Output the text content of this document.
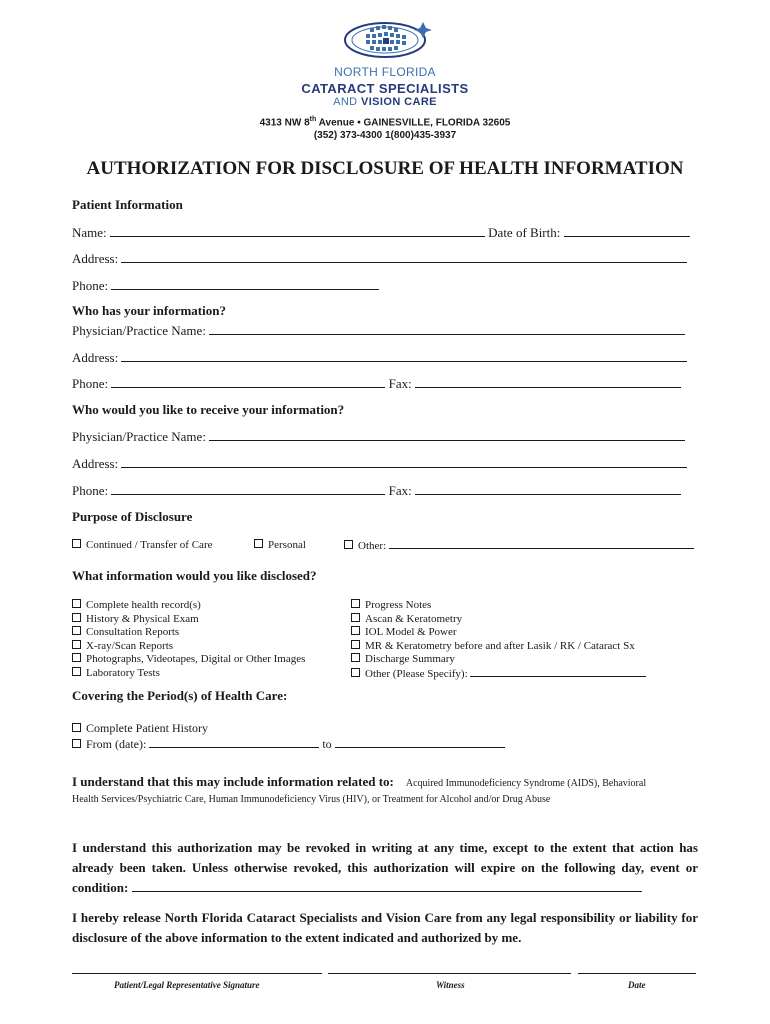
NORTH FLORIDA
CATARACT SPECIALISTS
AND VISION CARE
4313 NW 8th Avenue • GAINESVILLE, FLORIDA 32605
(352) 373-4300 1(800)435-3937
AUTHORIZATION FOR DISCLOSURE OF HEALTH INFORMATION
Patient Information
Name:	Date of Birth:
Address:
Phone:
Who has your information?
Physician/Practice Name:
Address:
Phone:	Fax:
Who would you like to receive your information?
Physician/Practice Name:
Address:
Phone:	Fax:
Purpose of Disclosure
Continued / Transfer of Care	Personal	Other:
What information would you like disclosed?
Complete health record(s)
History & Physical Exam
Consultation Reports
X-ray/Scan Reports
Photographs, Videotapes, Digital or Other Images
Laboratory Tests
Progress Notes
Ascan & Keratometry
IOL Model & Power
MR & Keratometry before and after Lasik / RK / Cataract Sx
Discharge Summary
Other (Please Specify):
Covering the Period(s) of Health Care:
Complete Patient History
From (date):	to
I understand that this may include information related to: Acquired Immunodeficiency Syndrome (AIDS), Behavioral
Health Services/Psychiatric Care, Human Immunodeficiency Virus (HIV), or Treatment for Alcohol and/or Drug Abuse
I understand this authorization may be revoked in writing at any time, except to the extent that action has already been taken. Unless otherwise revoked, this authorization will expire on the following day, event or condition:
I hereby release North Florida Cataract Specialists and Vision Care from any legal responsibility or liability for disclosure of the above information to the extent indicated and authorized by me.
Patient/Legal Representative Signature	Witness	Date
